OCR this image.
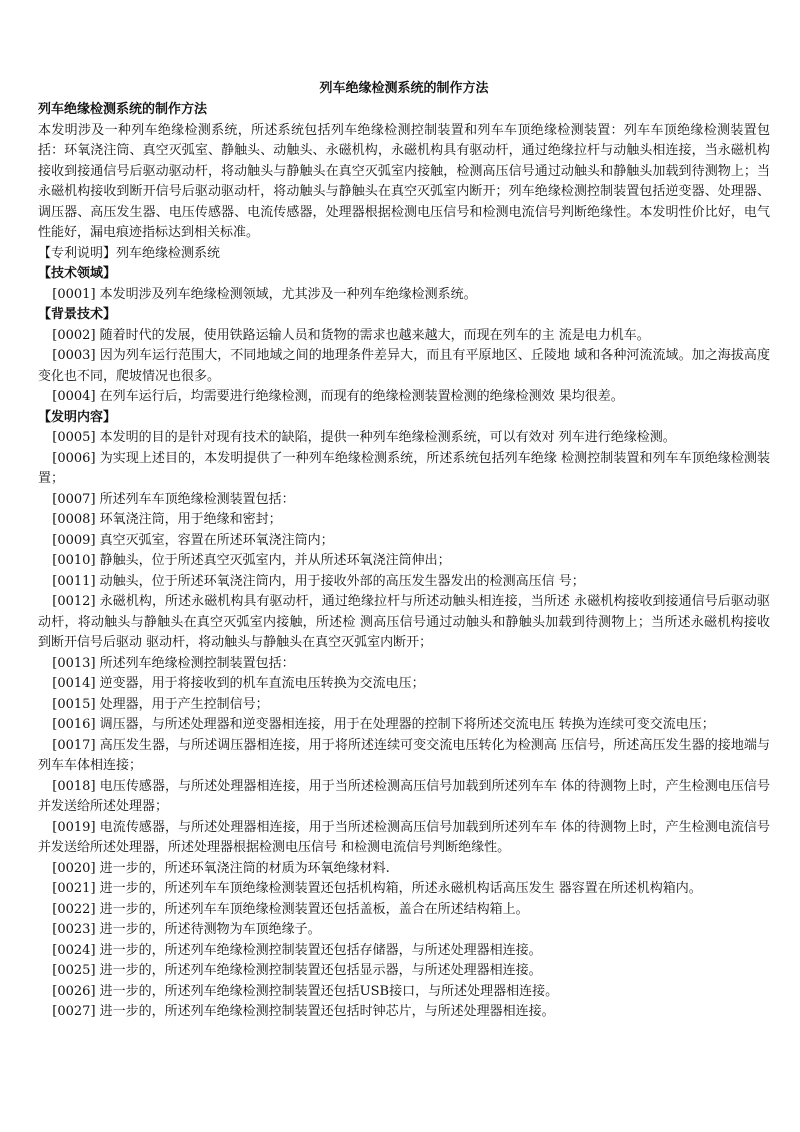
列车绝缘检测系统的制作方法
列车绝缘检测系统的制作方法
本发明涉及一种列车绝缘检测系统，所述系统包括列车绝缘检测控制装置和列车车顶绝缘检测装置：列车车顶绝缘检测装置包括：环氧浇注筒、真空灭弧室、静触头、动触头、永磁机构，永磁机构具有驱动杆，通过绝缘拉杆与动触头相连接，当永磁机构接收到接通信号后驱动驱动杆，将动触头与静触头在真空灭弧室内接触，检测高压信号通过动触头和静触头加载到待测物上；当永磁机构接收到断开信号后驱动驱动杆，将动触头与静触头在真空灭弧室内断开；列车绝缘检测控制装置包括逆变器、处理器、调压器、高压发生器、电压传感器、电流传感器，处理器根据检测电压信号和检测电流信号判断绝缘性。本发明性价比好，电气性能好，漏电痕迹指标达到相关标准。
【专利说明】列车绝缘检测系统
【技术领域】
[0001] 本发明涉及列车绝缘检测领域，尤其涉及一种列车绝缘检测系统。
【背景技术】
[0002] 随着时代的发展，使用铁路运输人员和货物的需求也越来越大，而现在列车的主 流是电力机车。
[0003] 因为列车运行范围大，不同地域之间的地理条件差异大，而且有平原地区、丘陵地 域和各种河流流域。加之海拔高度变化也不同，爬坡情况也很多。
[0004] 在列车运行后，均需要进行绝缘检测，而现有的绝缘检测装置检测的绝缘检测效 果均很差。
【发明内容】
[0005] 本发明的目的是针对现有技术的缺陷，提供一种列车绝缘检测系统，可以有效对 列车进行绝缘检测。
[0006] 为实现上述目的，本发明提供了一种列车绝缘检测系统，所述系统包括列车绝缘 检测控制装置和列车车顶绝缘检测装置；
[0007] 所述列车车顶绝缘检测装置包括：
[0008] 环氧浇注筒，用于绝缘和密封；
[0009] 真空灭弧室，容置在所述环氧浇注筒内；
[0010] 静触头，位于所述真空灭弧室内，并从所述环氧浇注筒伸出；
[0011] 动触头，位于所述环氧浇注筒内，用于接收外部的高压发生器发出的检测高压信 号；
[0012] 永磁机构，所述永磁机构具有驱动杆，通过绝缘拉杆与所述动触头相连接，当所述 永磁机构接收到接通信号后驱动驱动杆，将动触头与静触头在真空灭弧室内接触，所述检 测高压信号通过动触头和静触头加载到待测物上；当所述永磁机构接收到断开信号后驱动 驱动杆，将动触头与静触头在真空灭弧室内断开；
[0013] 所述列车绝缘检测控制装置包括：
[0014] 逆变器，用于将接收到的机车直流电压转换为交流电压；
[0015] 处理器，用于产生控制信号；
[0016] 调压器，与所述处理器和逆变器相连接，用于在处理器的控制下将所述交流电压 转换为连续可变交流电压；
[0017] 高压发生器，与所述调压器相连接，用于将所述连续可变交流电压转化为检测高 压信号，所述高压发生器的接地端与列车车体相连接；
[0018] 电压传感器，与所述处理器相连接，用于当所述检测高压信号加载到所述列车车 体的待测物上时，产生检测电压信号并发送给所述处理器；
[0019] 电流传感器，与所述处理器相连接，用于当所述检测高压信号加载到所述列车车 体的待测物上时，产生检测电流信号并发送给所述处理器，所述处理器根据检测电压信号 和检测电流信号判断绝缘性。
[0020] 进一步的，所述环氧浇注筒的材质为环氧绝缘材料.
[0021] 进一步的，所述列车车顶绝缘检测装置还包括机构箱，所述永磁机构话高压发生 器容置在所述机构箱内。
[0022] 进一步的，所述列车车顶绝缘检测装置还包括盖板，盖合在所述结构箱上。
[0023] 进一步的，所述待测物为车顶绝缘子。
[0024] 进一步的，所述列车绝缘检测控制装置还包括存储器，与所述处理器相连接。
[0025] 进一步的，所述列车绝缘检测控制装置还包括显示器，与所述处理器相连接。
[0026] 进一步的，所述列车绝缘检测控制装置还包括USB接口，与所述处理器相连接。
[0027] 进一步的，所述列车绝缘检测控制装置还包括时钟芯片，与所述处理器相连接。
